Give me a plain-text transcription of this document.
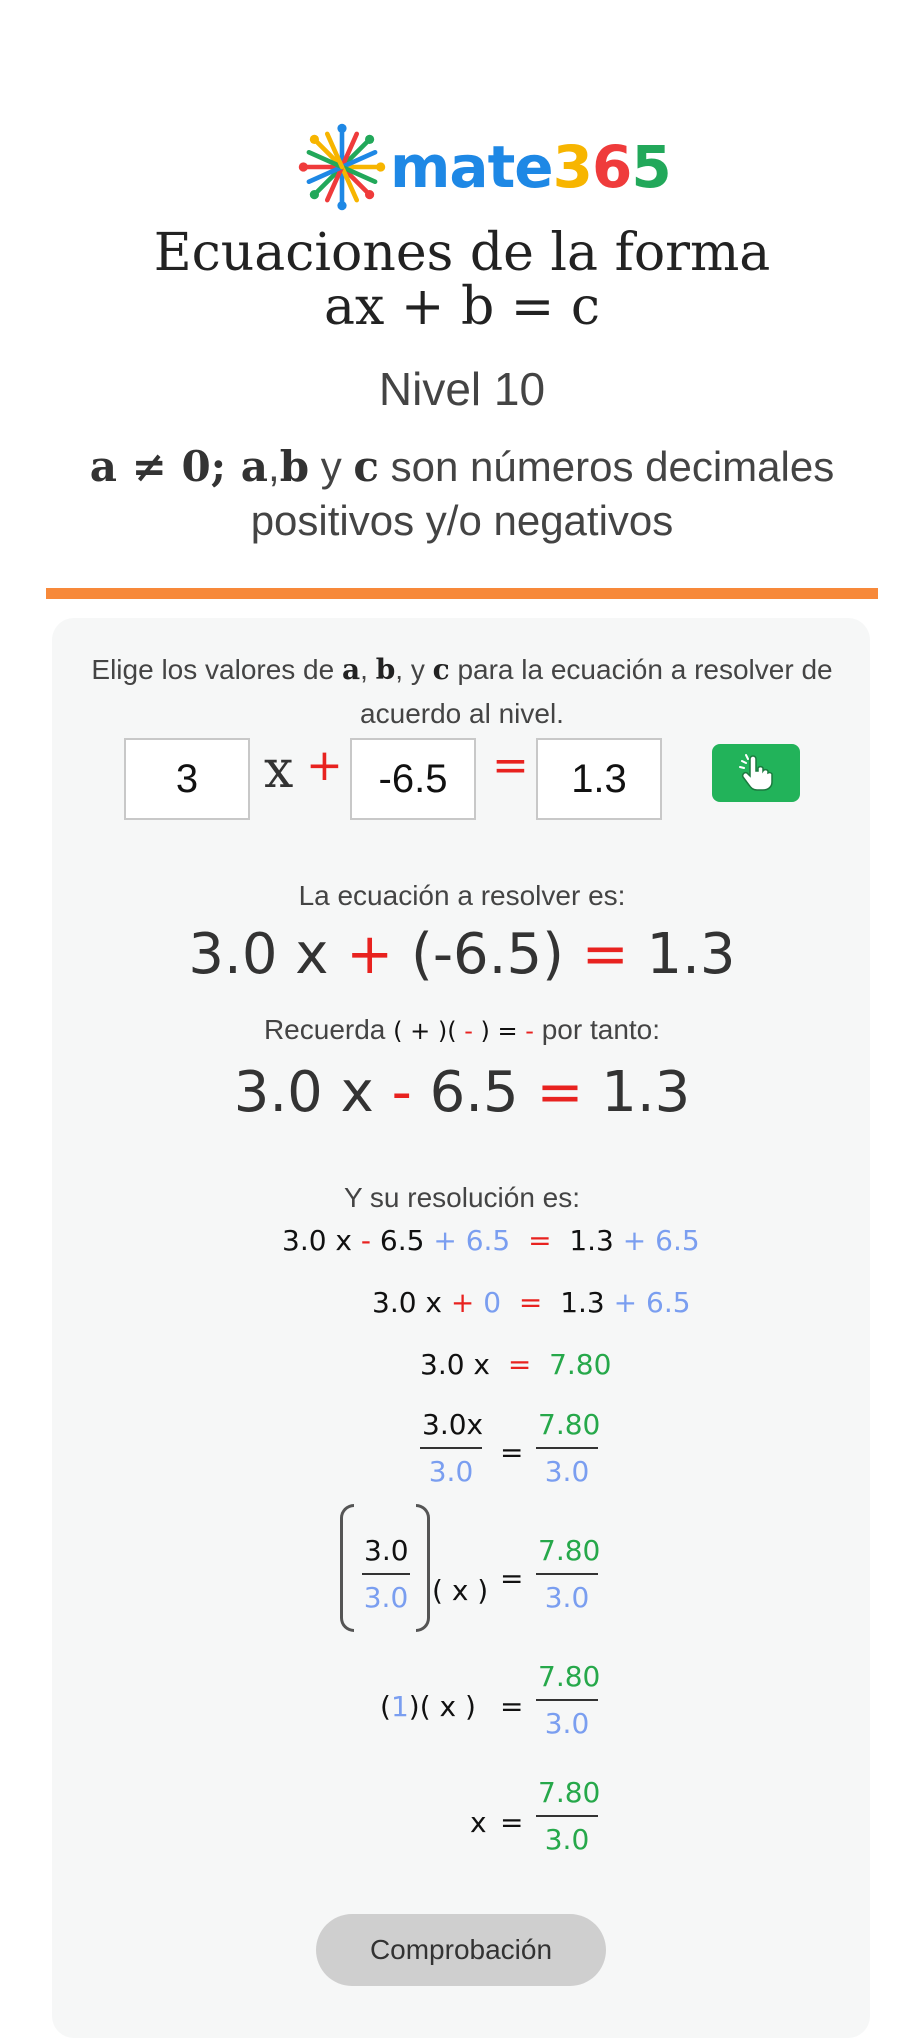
mate365
Ecuaciones de la forma
ax + b = c
Nivel 10
a ≠ 0; a,b y c son números decimales
positivos y/o negativos
Elige los valores de a, b, y c para la ecuación a resolver de acuerdo al nivel.
3	x + -6.5	=	1.3
La ecuación a resolver es:
3.0 x + (-6.5) = 1.3
Recuerda ( + )( - ) = - por tanto:
3.0 x - 6.5 = 1.3
Y su resolución es:
3.0 x - 6.5 + 6.5 = 1.3 + 6.5
3.0 x + 0 = 1.3 + 6.5
3.0 x = 7.80
3.0x
3.0
=
7.80
3.0
3.0
3.0 ( x ) =
7.80
3.0
(1)( x ) =
7.80
3.0
x =
7.80
3.0
Comprobación
